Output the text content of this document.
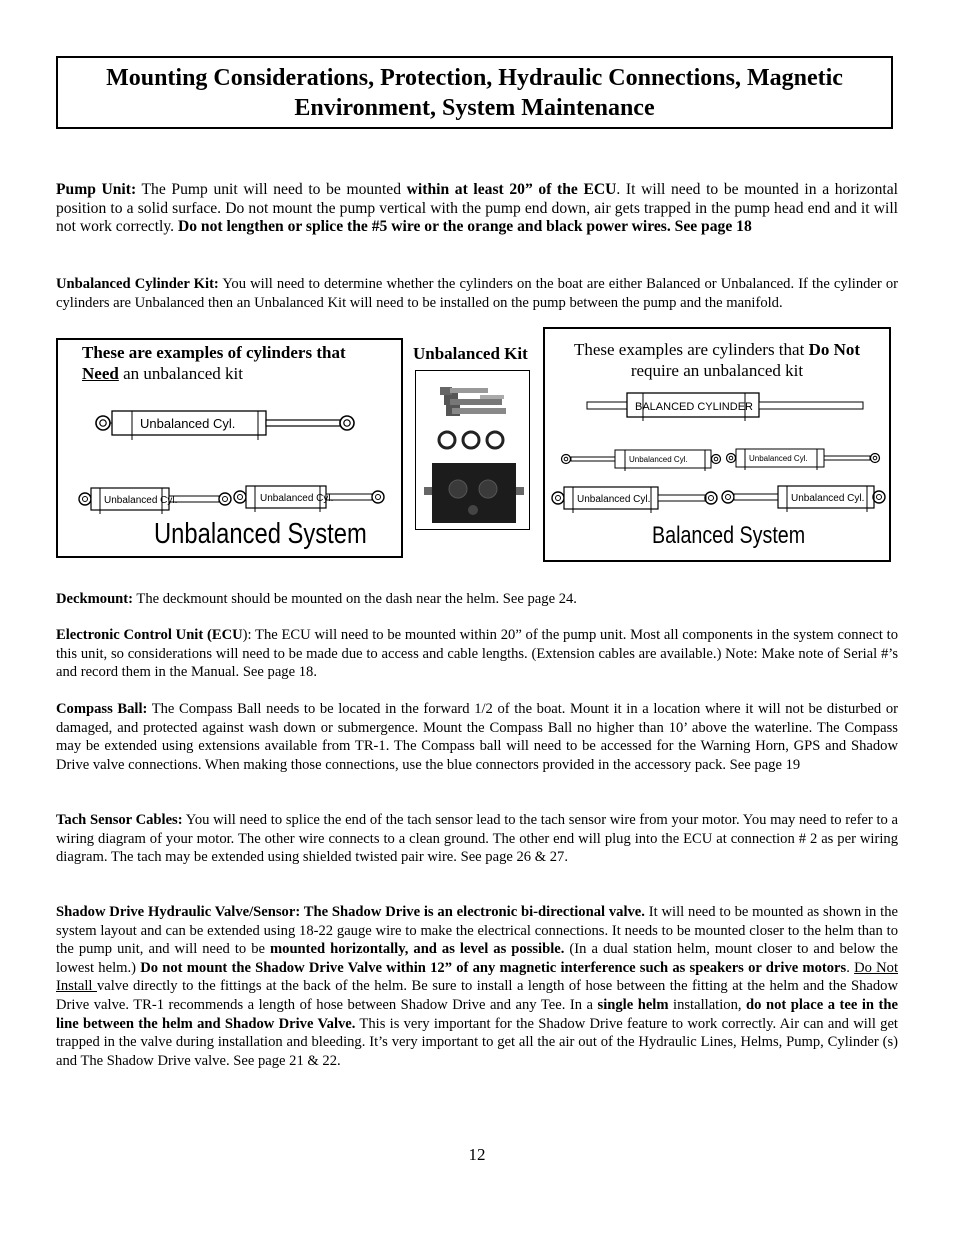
Mounting Considerations, Protection, Hydraulic Connections, Magnetic
Environment, System Maintenance
Pump Unit: The Pump unit will need to be mounted within at least 20” of the ECU. It will need to be mounted in a horizontal position to a solid surface. Do not mount the pump vertical with the pump end down, air gets trapped in the pump head end and it will not work correctly. Do not lengthen or splice the #5 wire or the orange and black power wires. See page 18
Unbalanced Cylinder Kit: You will need to determine whether the cylinders on the boat are either Balanced or Unbalanced. If the cylinder or cylinders are Unbalanced then an Unbalanced Kit will need to be installed on the pump between the pump and the manifold.
These are examples of cylinders that
Need an unbalanced kit
Unbalanced Cyl.
Unbalanced Cyl.	Unbalanced Cyl.
Unbalanced System
Unbalanced Kit	These examples are cylinders that Do Not
require an unbalanced kit
BALANCED CYLINDER
Unbalanced Cyl.	Unbalanced Cyl.
Unbalanced Cyl.	Unbalanced Cyl.
Balanced System
Deckmount: The deckmount should be mounted on the dash near the helm. See page 24.
Electronic Control Unit (ECU): The ECU will need to be mounted within 20” of the pump unit. Most all components in the system connect to this unit, so considerations will need to be made due to access and cable lengths. (Extension cables are available.) Note: Make note of Serial #’s and record them in the Manual. See page 18.
Compass Ball: The Compass Ball needs to be located in the forward 1/2 of the boat. Mount it in a location where it will not be disturbed or damaged, and protected against wash down or submergence. Mount the Compass Ball no higher than 10’ above the waterline. The Compass may be extended using extensions available from TR-1. The Compass ball will need to be accessed for the Warning Horn, GPS and Shadow Drive valve connections. When making those connections, use the blue connectors provided in the accessory pack. See page 19
Tach Sensor Cables: You will need to splice the end of the tach sensor lead to the tach sensor wire from your motor. You may need to refer to a wiring diagram of your motor. The other wire connects to a clean ground. The other end will plug into the ECU at connection # 2 as per wiring diagram. The tach may be extended using shielded twisted pair wire. See page 26 & 27.
Shadow Drive Hydraulic Valve/Sensor: The Shadow Drive is an electronic bi-directional valve. It will need to be mounted as shown in the system layout and can be extended using 18-22 gauge wire to make the electrical connections. It needs to be mounted closer to the helm than to the pump unit, and will need to be mounted horizontally, and as level as possible. (In a dual station helm, mount closer to and below the lowest helm.) Do not mount the Shadow Drive Valve within 12” of any magnetic interference such as speakers or drive motors. Do Not Install valve directly to the fittings at the back of the helm. Be sure to install a length of hose between the fitting at the helm and the Shadow Drive valve. TR-1 recommends a length of hose between Shadow Drive and any Tee. In a single helm installation, do not place a tee in the line between the helm and Shadow Drive Valve. This is very important for the Shadow Drive feature to work correctly. Air can and will get trapped in the valve during installation and bleeding. It’s very important to get all the air out of the Hydraulic Lines, Helms, Pump, Cylinder (s) and The Shadow Drive valve. See page 21 & 22.
12
